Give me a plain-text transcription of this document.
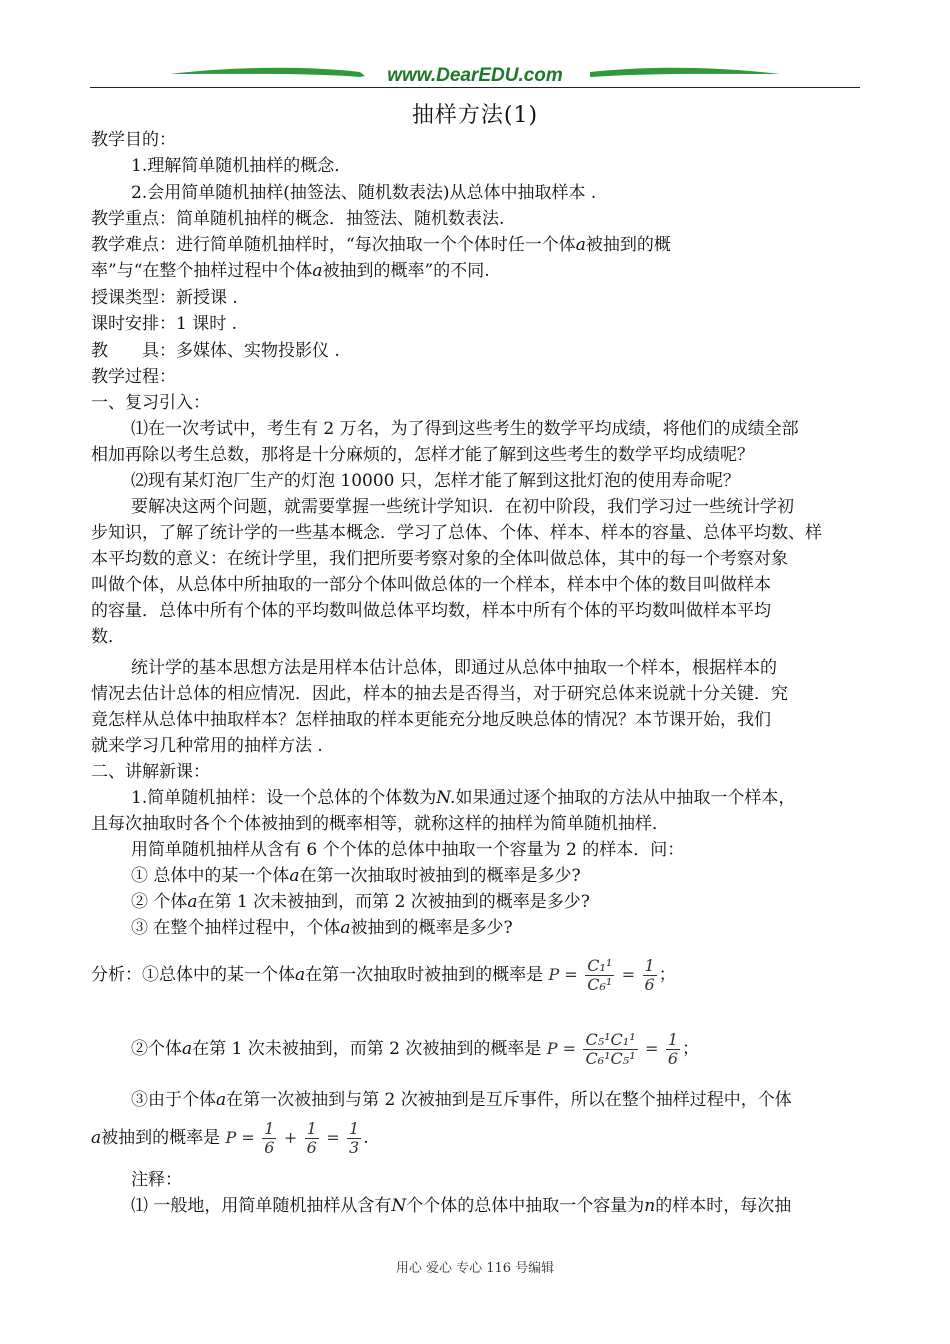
www.DearEDU.com
抽样方法(1)
教学目的：
1.理解简单随机抽样的概念．
2.会用简单随机抽样(抽签法、随机数表法)从总体中抽取样本 .
教学重点：简单随机抽样的概念．抽签法、随机数表法.
教学难点：进行简单随机抽样时，“每次抽取一个个体时任一个体a被抽到的概
率”与“在整个抽样过程中个体a被抽到的概率”的不同.
授课类型：新授课 .
课时安排：1 课时 .
教　　具：多媒体、实物投影仪 .
教学过程：
一、复习引入：
⑴在一次考试中，考生有 2 万名，为了得到这些考生的数学平均成绩，将他们的成绩全部
相加再除以考生总数，那将是十分麻烦的，怎样才能了解到这些考生的数学平均成绩呢？
⑵现有某灯泡厂生产的灯泡 10000 只，怎样才能了解到这批灯泡的使用寿命呢？
要解决这两个问题，就需要掌握一些统计学知识．在初中阶段，我们学习过一些统计学初
步知识，了解了统计学的一些基本概念．学习了总体、个体、样本、样本的容量、总体平均数、样
本平均数的意义：在统计学里，我们把所要考察对象的全体叫做总体，其中的每一个考察对象
叫做个体，从总体中所抽取的一部分个体叫做总体的一个样本，样本中个体的数目叫做样本
的容量．总体中所有个体的平均数叫做总体平均数，样本中所有个体的平均数叫做样本平均
数．
统计学的基本思想方法是用样本估计总体，即通过从总体中抽取一个样本，根据样本的
情况去估计总体的相应情况．因此，样本的抽去是否得当，对于研究总体来说就十分关键．究
竟怎样从总体中抽取样本？怎样抽取的样本更能充分地反映总体的情况？本节课开始，我们
就来学习几种常用的抽样方法 .
二、讲解新课：
1.简单随机抽样：设一个总体的个体数为N.如果通过逐个抽取的方法从中抽取一个样本，
且每次抽取时各个个体被抽到的概率相等，就称这样的抽样为简单随机抽样．
用简单随机抽样从含有 6 个个体的总体中抽取一个容量为 2 的样本．问：
① 总体中的某一个体a在第一次抽取时被抽到的概率是多少?
② 个体a在第 1 次未被抽到，而第 2 次被抽到的概率是多少?
③ 在整个抽样过程中，个体a被抽到的概率是多少?
分析：①总体中的某一个体a在第一次抽取时被抽到的概率是 $P = \frac{\text{C₁¹}}{\text{C₆¹}} = \frac{1}{6}$ ；
②个体a在第 1 次未被抽到，而第 2 次被抽到的概率是 $P = \frac{\text{C₅¹C₁¹}}{\text{C₆¹C₅¹}} = \frac{1}{6}$ ；
③由于个体a在第一次被抽到与第 2 次被抽到是互斥事件，所以在整个抽样过程中，个体
a被抽到的概率是 $P = \frac{1}{6} + \frac{1}{6} = \frac{1}{3}$ .
注释：
⑴ 一般地，用简单随机抽样从含有N个个体的总体中抽取一个容量为n的样本时，每次抽
用心 爱心 专心 116 号编辑
